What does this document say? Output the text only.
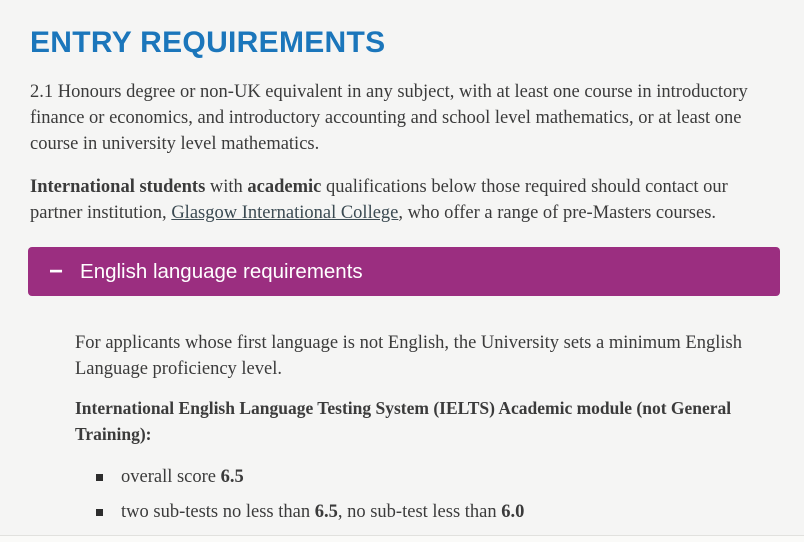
ENTRY REQUIREMENTS

2.1 Honours degree or non-UK equivalent in any subject, with at least one course in introductory finance or economics, and introductory accounting and school level mathematics, or at least one course in university level mathematics.

International students with academic qualifications below those required should contact our partner institution, Glasgow International College, who offer a range of pre-Masters courses.

− English language requirements

For applicants whose first language is not English, the University sets a minimum English Language proficiency level.

International English Language Testing System (IELTS) Academic module (not General Training):

overall score 6.5
two sub-tests no less than 6.5, no sub-test less than 6.0
